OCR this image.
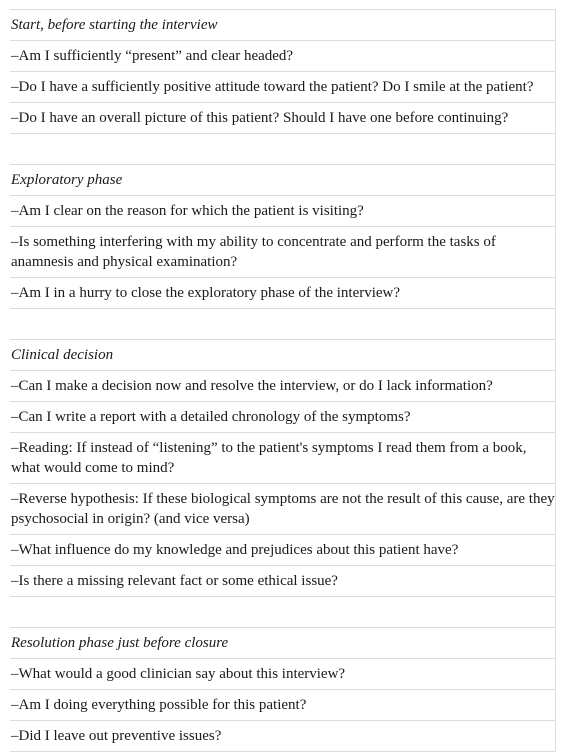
Start, before starting the interview
–Am I sufficiently “present” and clear headed?
–Do I have a sufficiently positive attitude toward the patient? Do I smile at the patient?
–Do I have an overall picture of this patient? Should I have one before continuing?

Exploratory phase
–Am I clear on the reason for which the patient is visiting?
–Is something interfering with my ability to concentrate and perform the tasks of anamnesis and physical examination?
–Am I in a hurry to close the exploratory phase of the interview?

Clinical decision
–Can I make a decision now and resolve the interview, or do I lack information?
–Can I write a report with a detailed chronology of the symptoms?
–Reading: If instead of “listening” to the patient's symptoms I read them from a book, what would come to mind?
–Reverse hypothesis: If these biological symptoms are not the result of this cause, are they psychosocial in origin? (and vice versa)
–What influence do my knowledge and prejudices about this patient have?
–Is there a missing relevant fact or some ethical issue?

Resolution phase just before closure
–What would a good clinician say about this interview?
–Am I doing everything possible for this patient?
–Did I leave out preventive issues?
